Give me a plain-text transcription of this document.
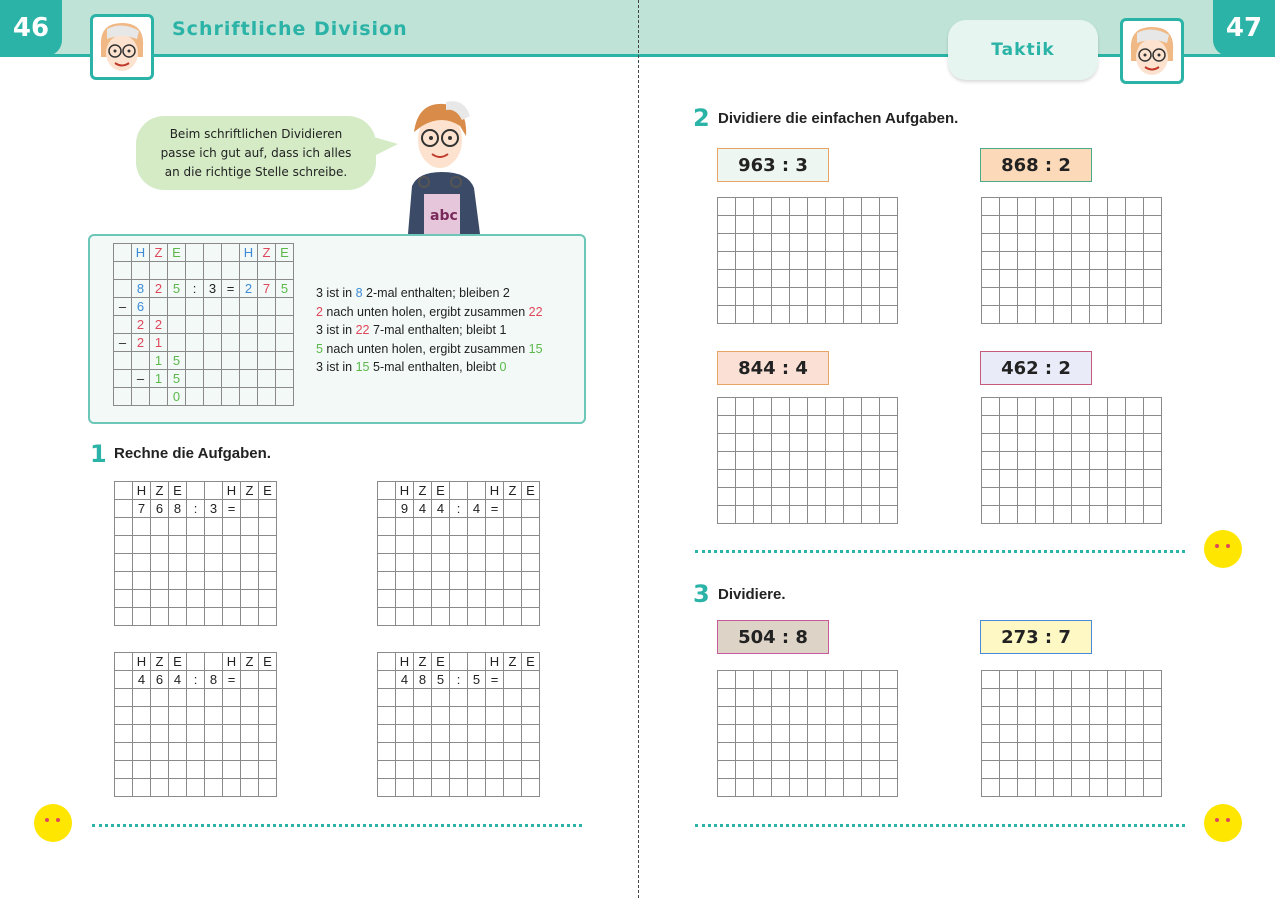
46	47
Schriftliche Division
Taktik
Beim schriftlichen Dividieren
passe ich gut auf, dass ich alles
an die richtige Stelle schreibe.
abc
	H	Z	E				H	Z	E

	8	2	5	:	3	=	2	7	5
–	6								
	2	2							
–	2	1							
		1	5						
	–	1	5						
			0						
3 ist in 8 2-mal enthalten; bleiben 2
2 nach unten holen, ergibt zusammen 22
3 ist in 22 7-mal enthalten; bleibt 1
5 nach unten holen, ergibt zusammen 15
3 ist in 15 5-mal enthalten, bleibt 0
1 Rechne die Aufgaben.
	H	Z	E			H	Z	E
	7	6	8	:	3	=		

	H	Z	E			H	Z	E
	9	4	4	:	4	=		

	H	Z	E			H	Z	E
	4	6	4	:	8	=		

	H	Z	E			H	Z	E
	4	8	5	:	5	=		

2 Dividiere die einfachen Aufgaben.
963 : 3	868 : 2

844 : 4	462 : 2

3 Dividiere.
504 : 8	273 : 7
